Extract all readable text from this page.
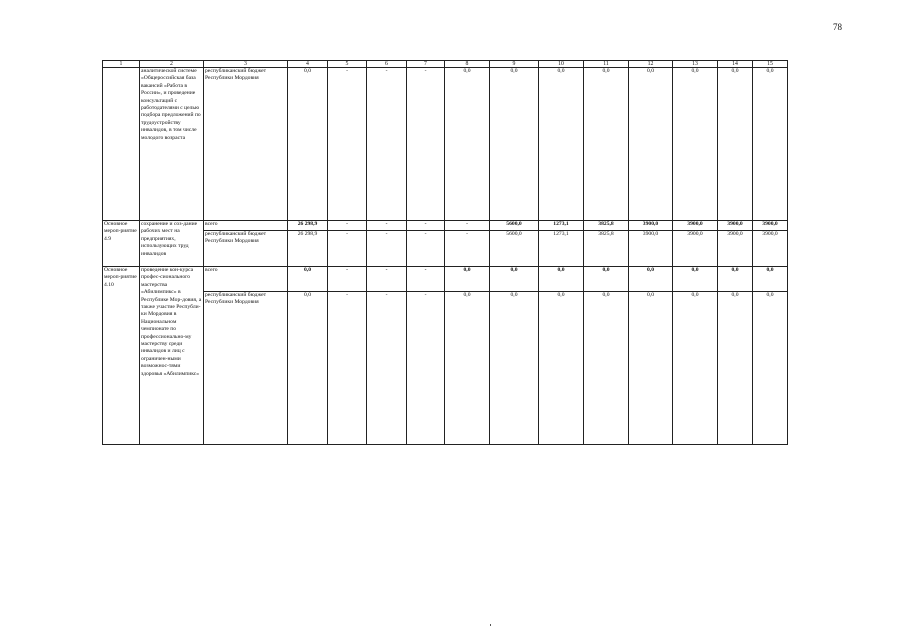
78
1	2	3	4	5	6	7	8	9	10	11	12	13	14	15
	аналитической системе «Общероссийская база вакансий «Работа в России», и проведение консультаций с работодателями с целью подбора предложений по трудоустройству инвалидов, в том числе молодого возраста	республиканский бюджет Республики Мордовия	0,0	-	-	-	0,0	0,0	0,0	0,0	0,0	0,0	0,0	0,0
Основное мероп-риятие 4.9	сохранение и соз-дание рабочих мест на предприятиях, использующих труд инвалидов	всего	26 298,9	-	-	-	-	5600,0	1273,1	3825,8	3900,0	3900,0	3900,0	3900,0
		республиканский бюджет Республики Мордовия	26 298,9	-	-	-	-	5600,0	1273,1	3825,8	3900,0	3900,0	3900,0	3900,0
Основное мероп-риятие 4.10	проведение кон-курса профес-сионального мастерства «Абилимпикс» в Республике Мор-довия, а также участие Республи-ки Мордовия в Национальном чемпионате по профессионально-му мастерству среди инвалидов и лиц с ограничен-ными возможнос-тями здоровья «Абилимпикс»	всего	0,0	-	-	-	0,0	0,0	0,0	0,0	0,0	0,0	0,0	0,0
		республиканский бюджет Республики Мордовия	0,0	-	-	-	0,0	0,0	0,0	0,0	0,0	0,0	0,0	0,0
